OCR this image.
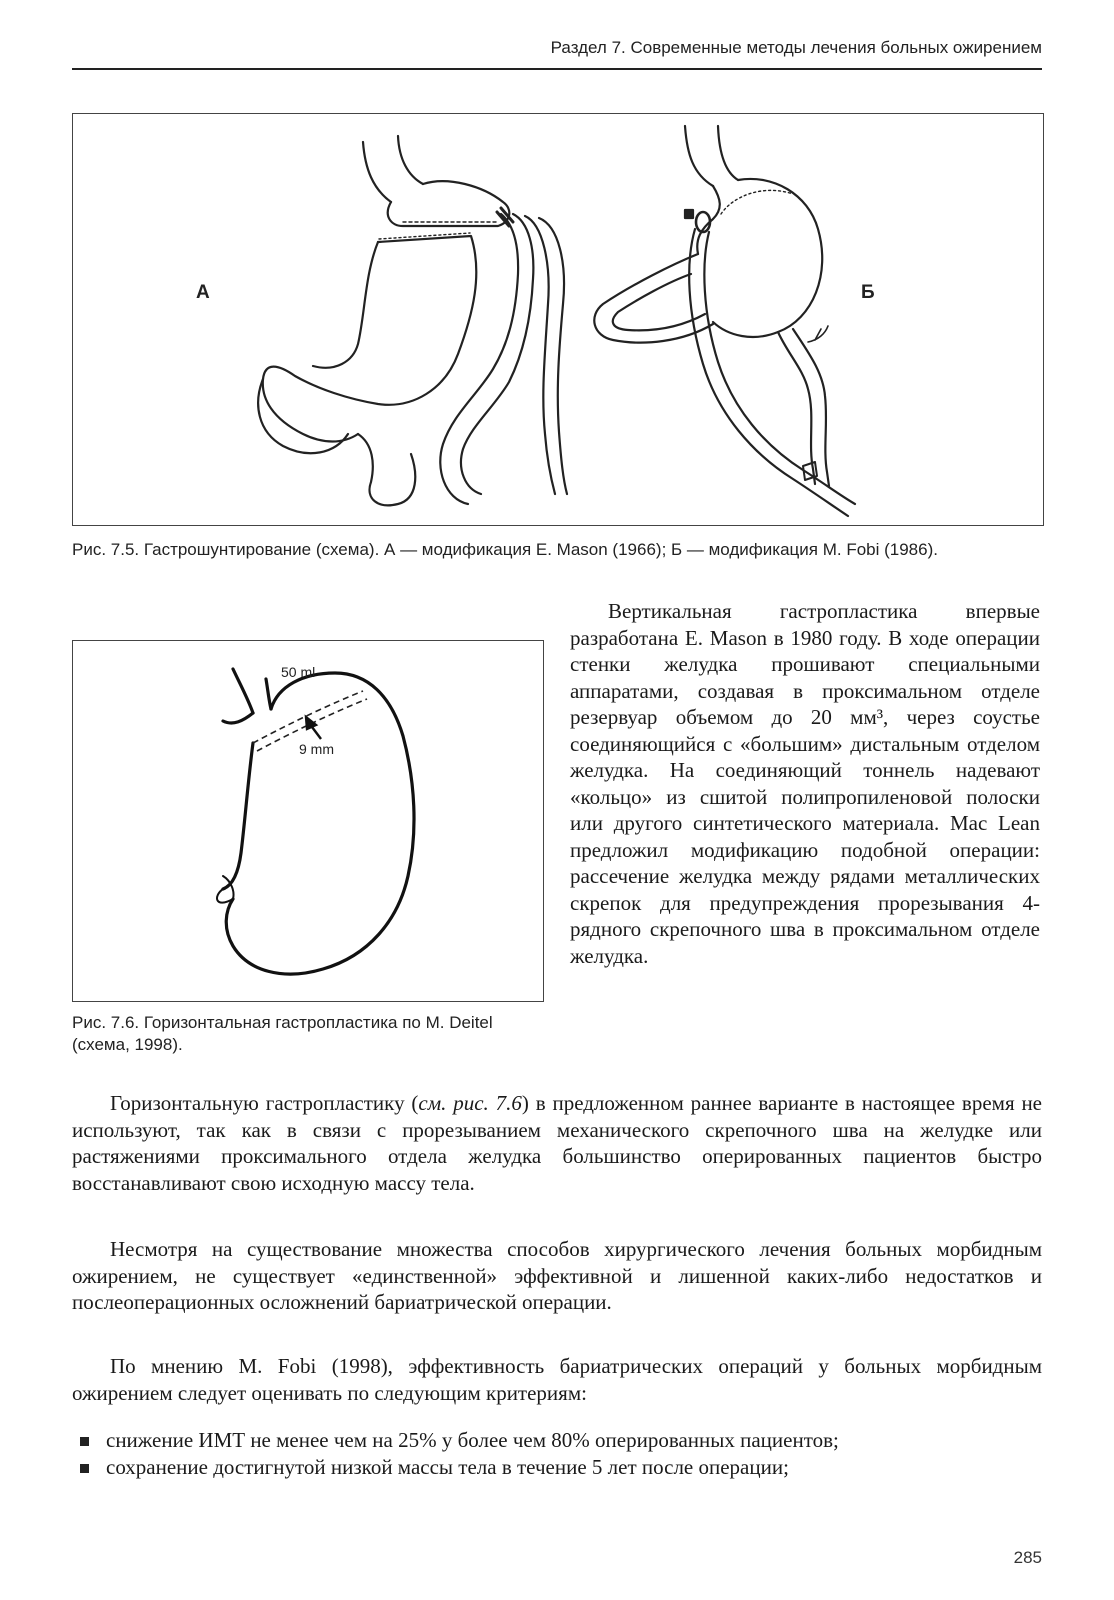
Раздел 7. Современные методы лечения больных ожирением
А	Б
Рис. 7.5. Гастрошунтирование (схема). А — модификация E. Mason (1966); Б — модификация M. Fobi (1986).
50 ml
9 mm
Рис. 7.6. Горизонтальная гастропластика по M. Deitel (схема, 1998).

Вертикальная гастропластика впервые разработана E. Mason в 1980 году. В ходе операции стенки желудка прошивают специальными аппаратами, создавая в проксимальном отделе резервуар объемом до 20 мм³, через соустье соединяющийся с «большим» дистальным отделом желудка. На соединяющий тоннель надевают «кольцо» из сшитой полипропиленовой полоски или другого синтетического материала. Mac Lean предложил модификацию подобной операции: рассечение желудка между рядами металлических скрепок для предупреждения прорезывания 4-рядного скрепочного шва в проксимальном отделе желудка.

Горизонтальную гастропластику (см. рис. 7.6) в предложенном раннее варианте в настоящее время не используют, так как в связи с прорезыванием механического скрепочного шва на желудке или растяжениями проксимального отдела желудка большинство оперированных пациентов быстро восстанавливают свою исходную массу тела.

Несмотря на существование множества способов хирургического лечения больных морбидным ожирением, не существует «единственной» эффективной и лишенной каких-либо недостатков и послеоперационных осложнений бариатрической операции.

По мнению M. Fobi (1998), эффективность бариатрических операций у больных морбидным ожирением следует оценивать по следующим критериям:

снижение ИМТ не менее чем на 25% у более чем 80% оперированных пациентов;

сохранение достигнутой низкой массы тела в течение 5 лет после операции;

285
